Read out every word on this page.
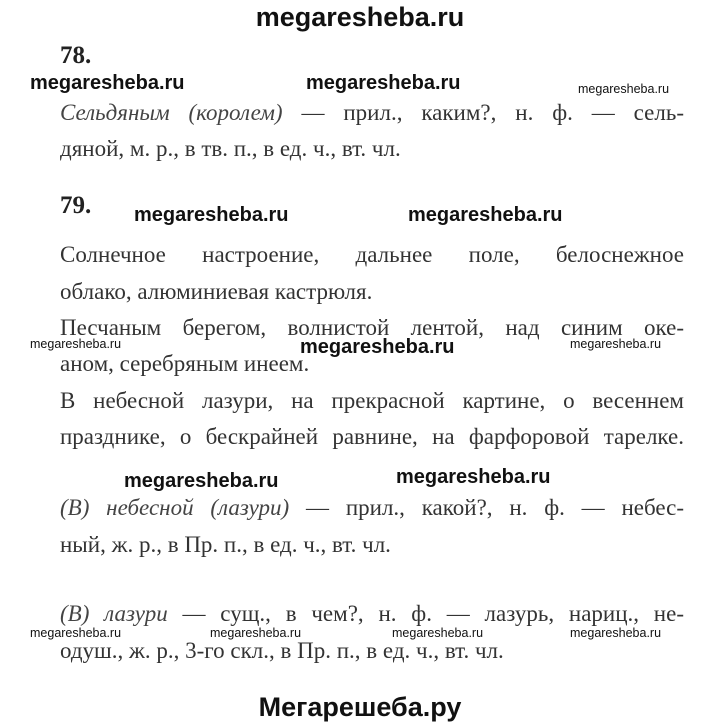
megaresheba.ru
78.
megaresheba.ru	megaresheba.ru	megaresheba.ru
Сельдяным (королем) — прил., каким?, н. ф. — сель-
дяной, м. р., в тв. п., в ед. ч., вт. чл.
79. megaresheba.ru	megaresheba.ru
Солнечное настроение, дальнее поле, белоснежное
облако, алюминиевая кастрюля.
Песчаным берегом, волнистой лентой, над синим оке-
megaresheba.ru	megaresheba.ru	megaresheba.ru
аном, серебряным инеем.
В небесной лазури, на прекрасной картине, о весеннем
празднике, о бескрайней равнине, на фарфоровой тарелке.
megaresheba.ru	megaresheba.ru
(В) небесной (лазури) — прил., какой?, н. ф. — небес-
ный, ж. р., в Пр. п., в ед. ч., вт. чл.
(В) лазури — сущ., в чем?, н. ф. — лазурь, нариц., не-
megaresheba.ru	megaresheba.ru	megaresheba.ru	megaresheba.ru
одуш., ж. р., 3-го скл., в Пр. п., в ед. ч., вт. чл.
Мегарешеба.ру
